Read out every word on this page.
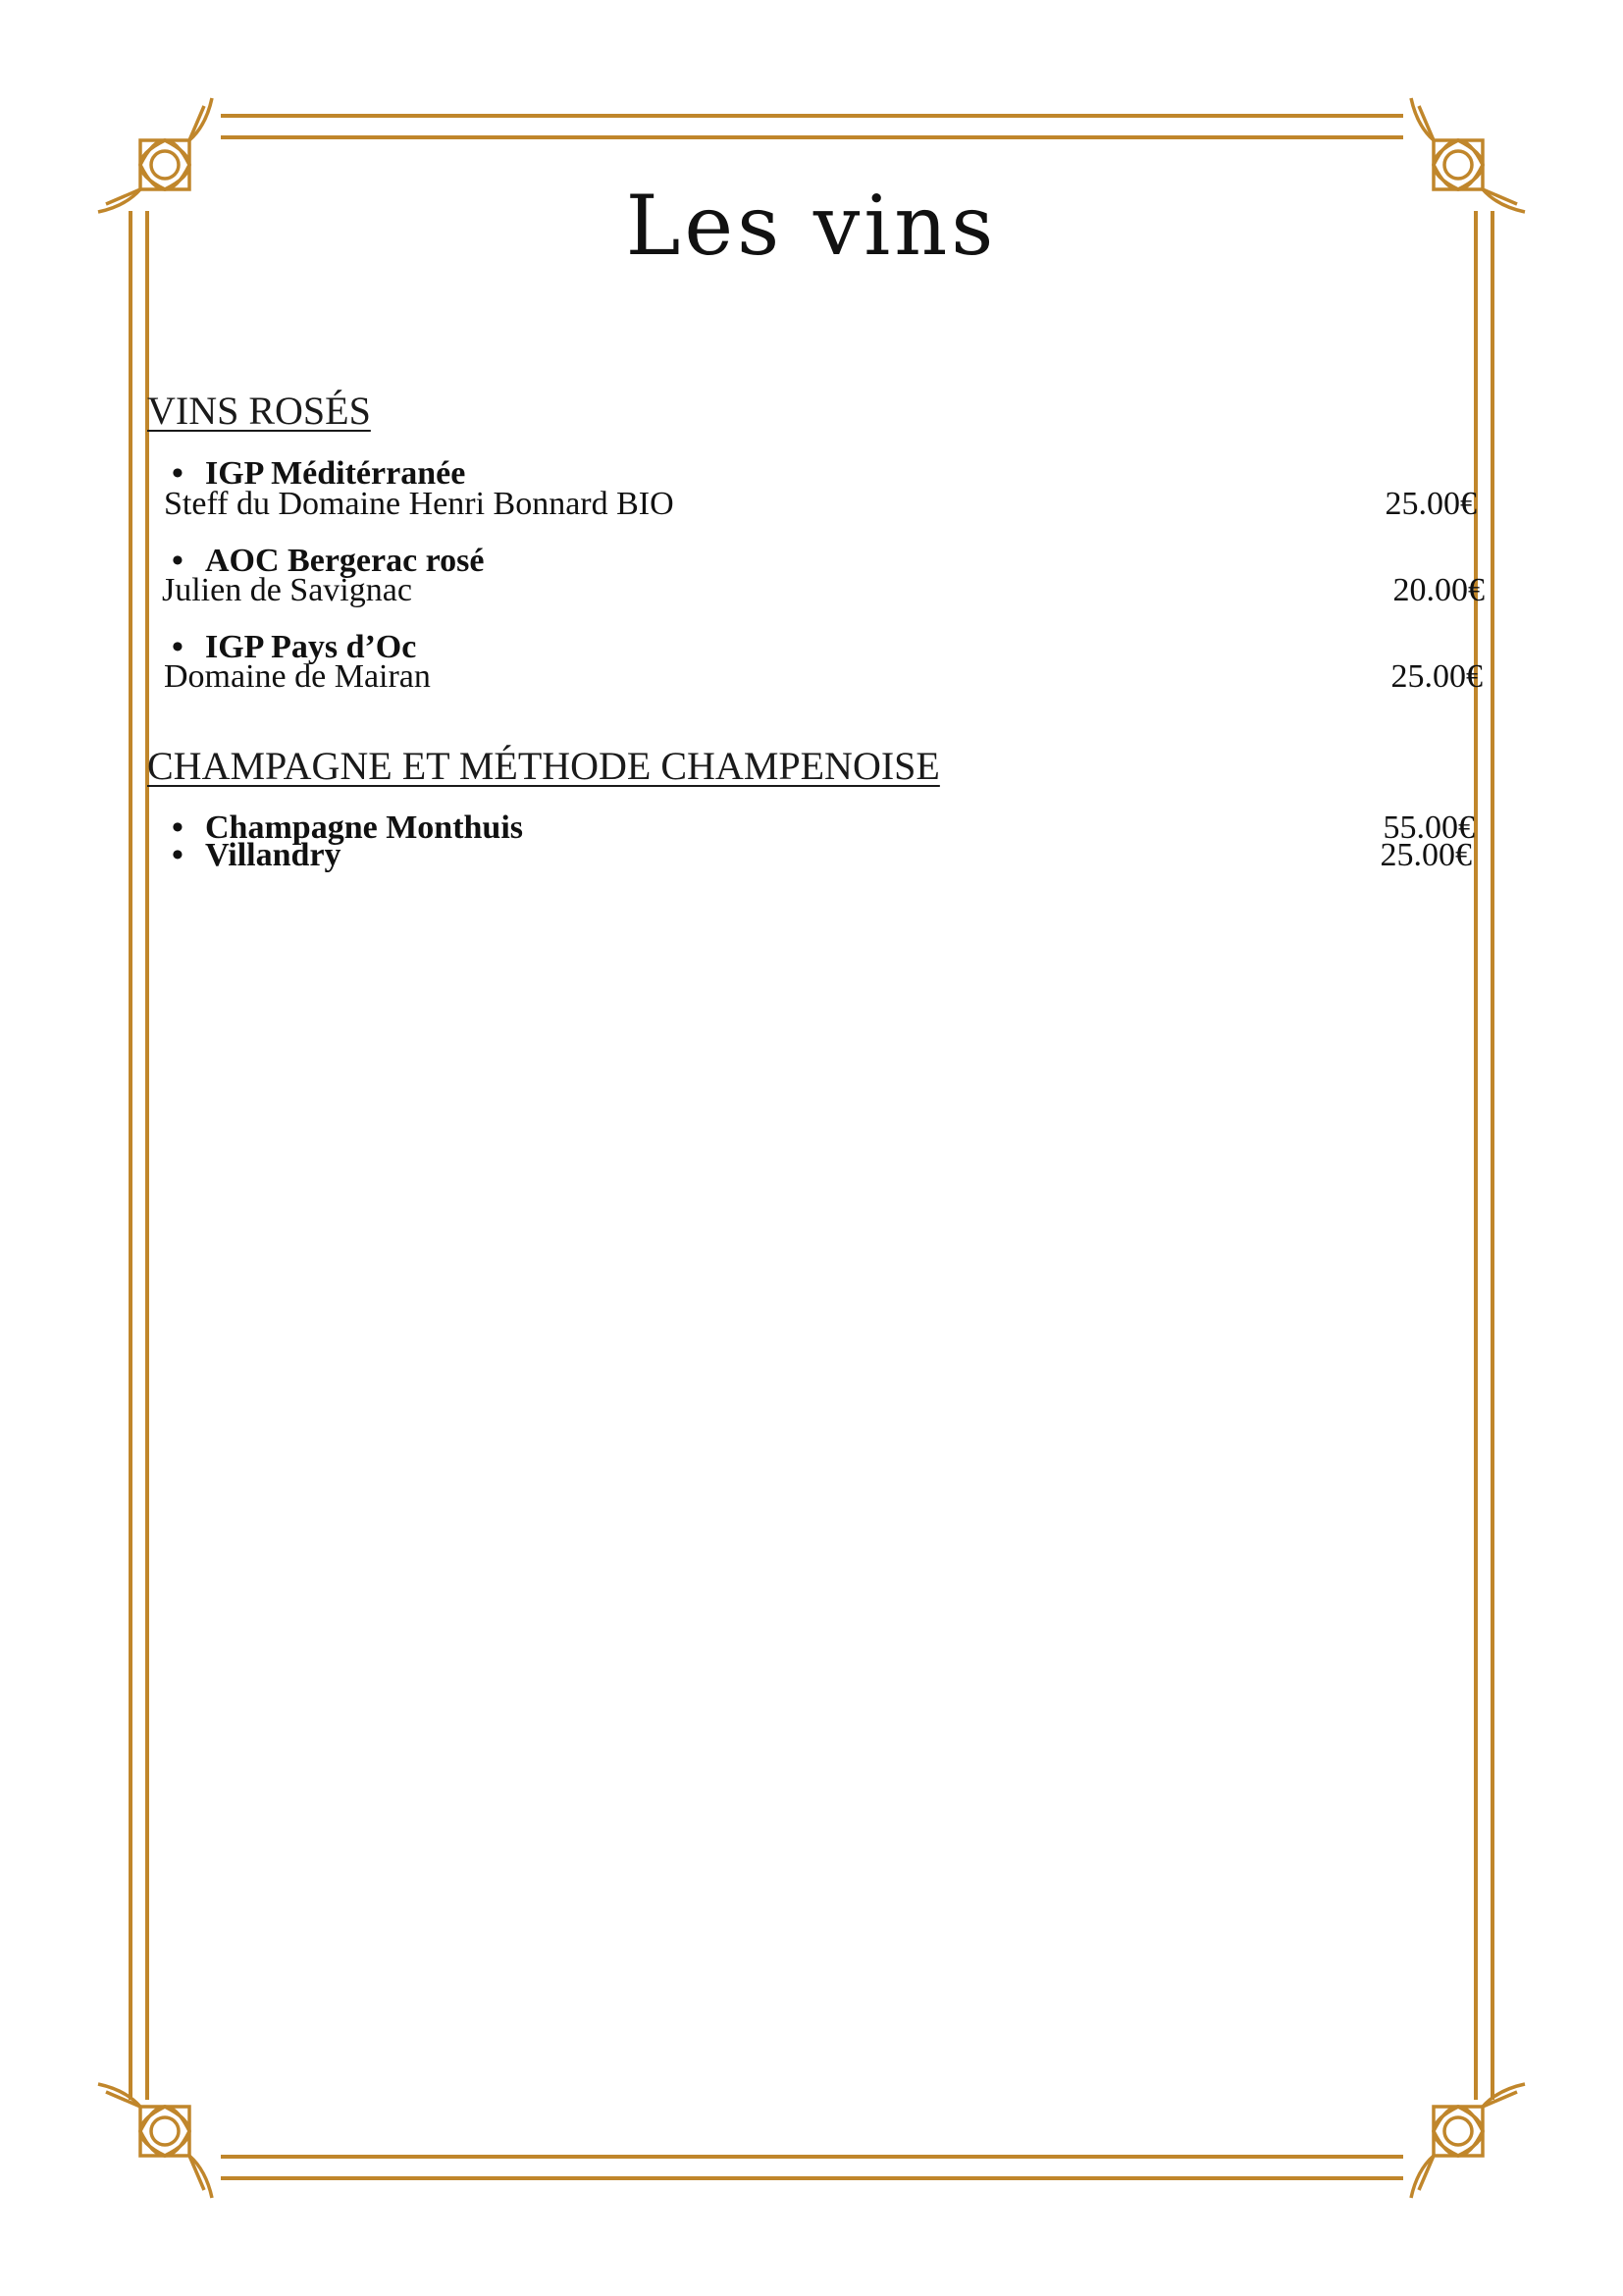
Les vins
VINS ROSÉS
• IGP Méditérranée
Steff du Domaine Henri Bonnard BIO	25.00€
• AOC Bergerac rosé
Julien de Savignac	20.00€
• IGP Pays d’Oc
Domaine de Mairan	25.00€
CHAMPAGNE ET MÉTHODE CHAMPENOISE
• Champagne Monthuis	55.00€
• Villandry	25.00€
